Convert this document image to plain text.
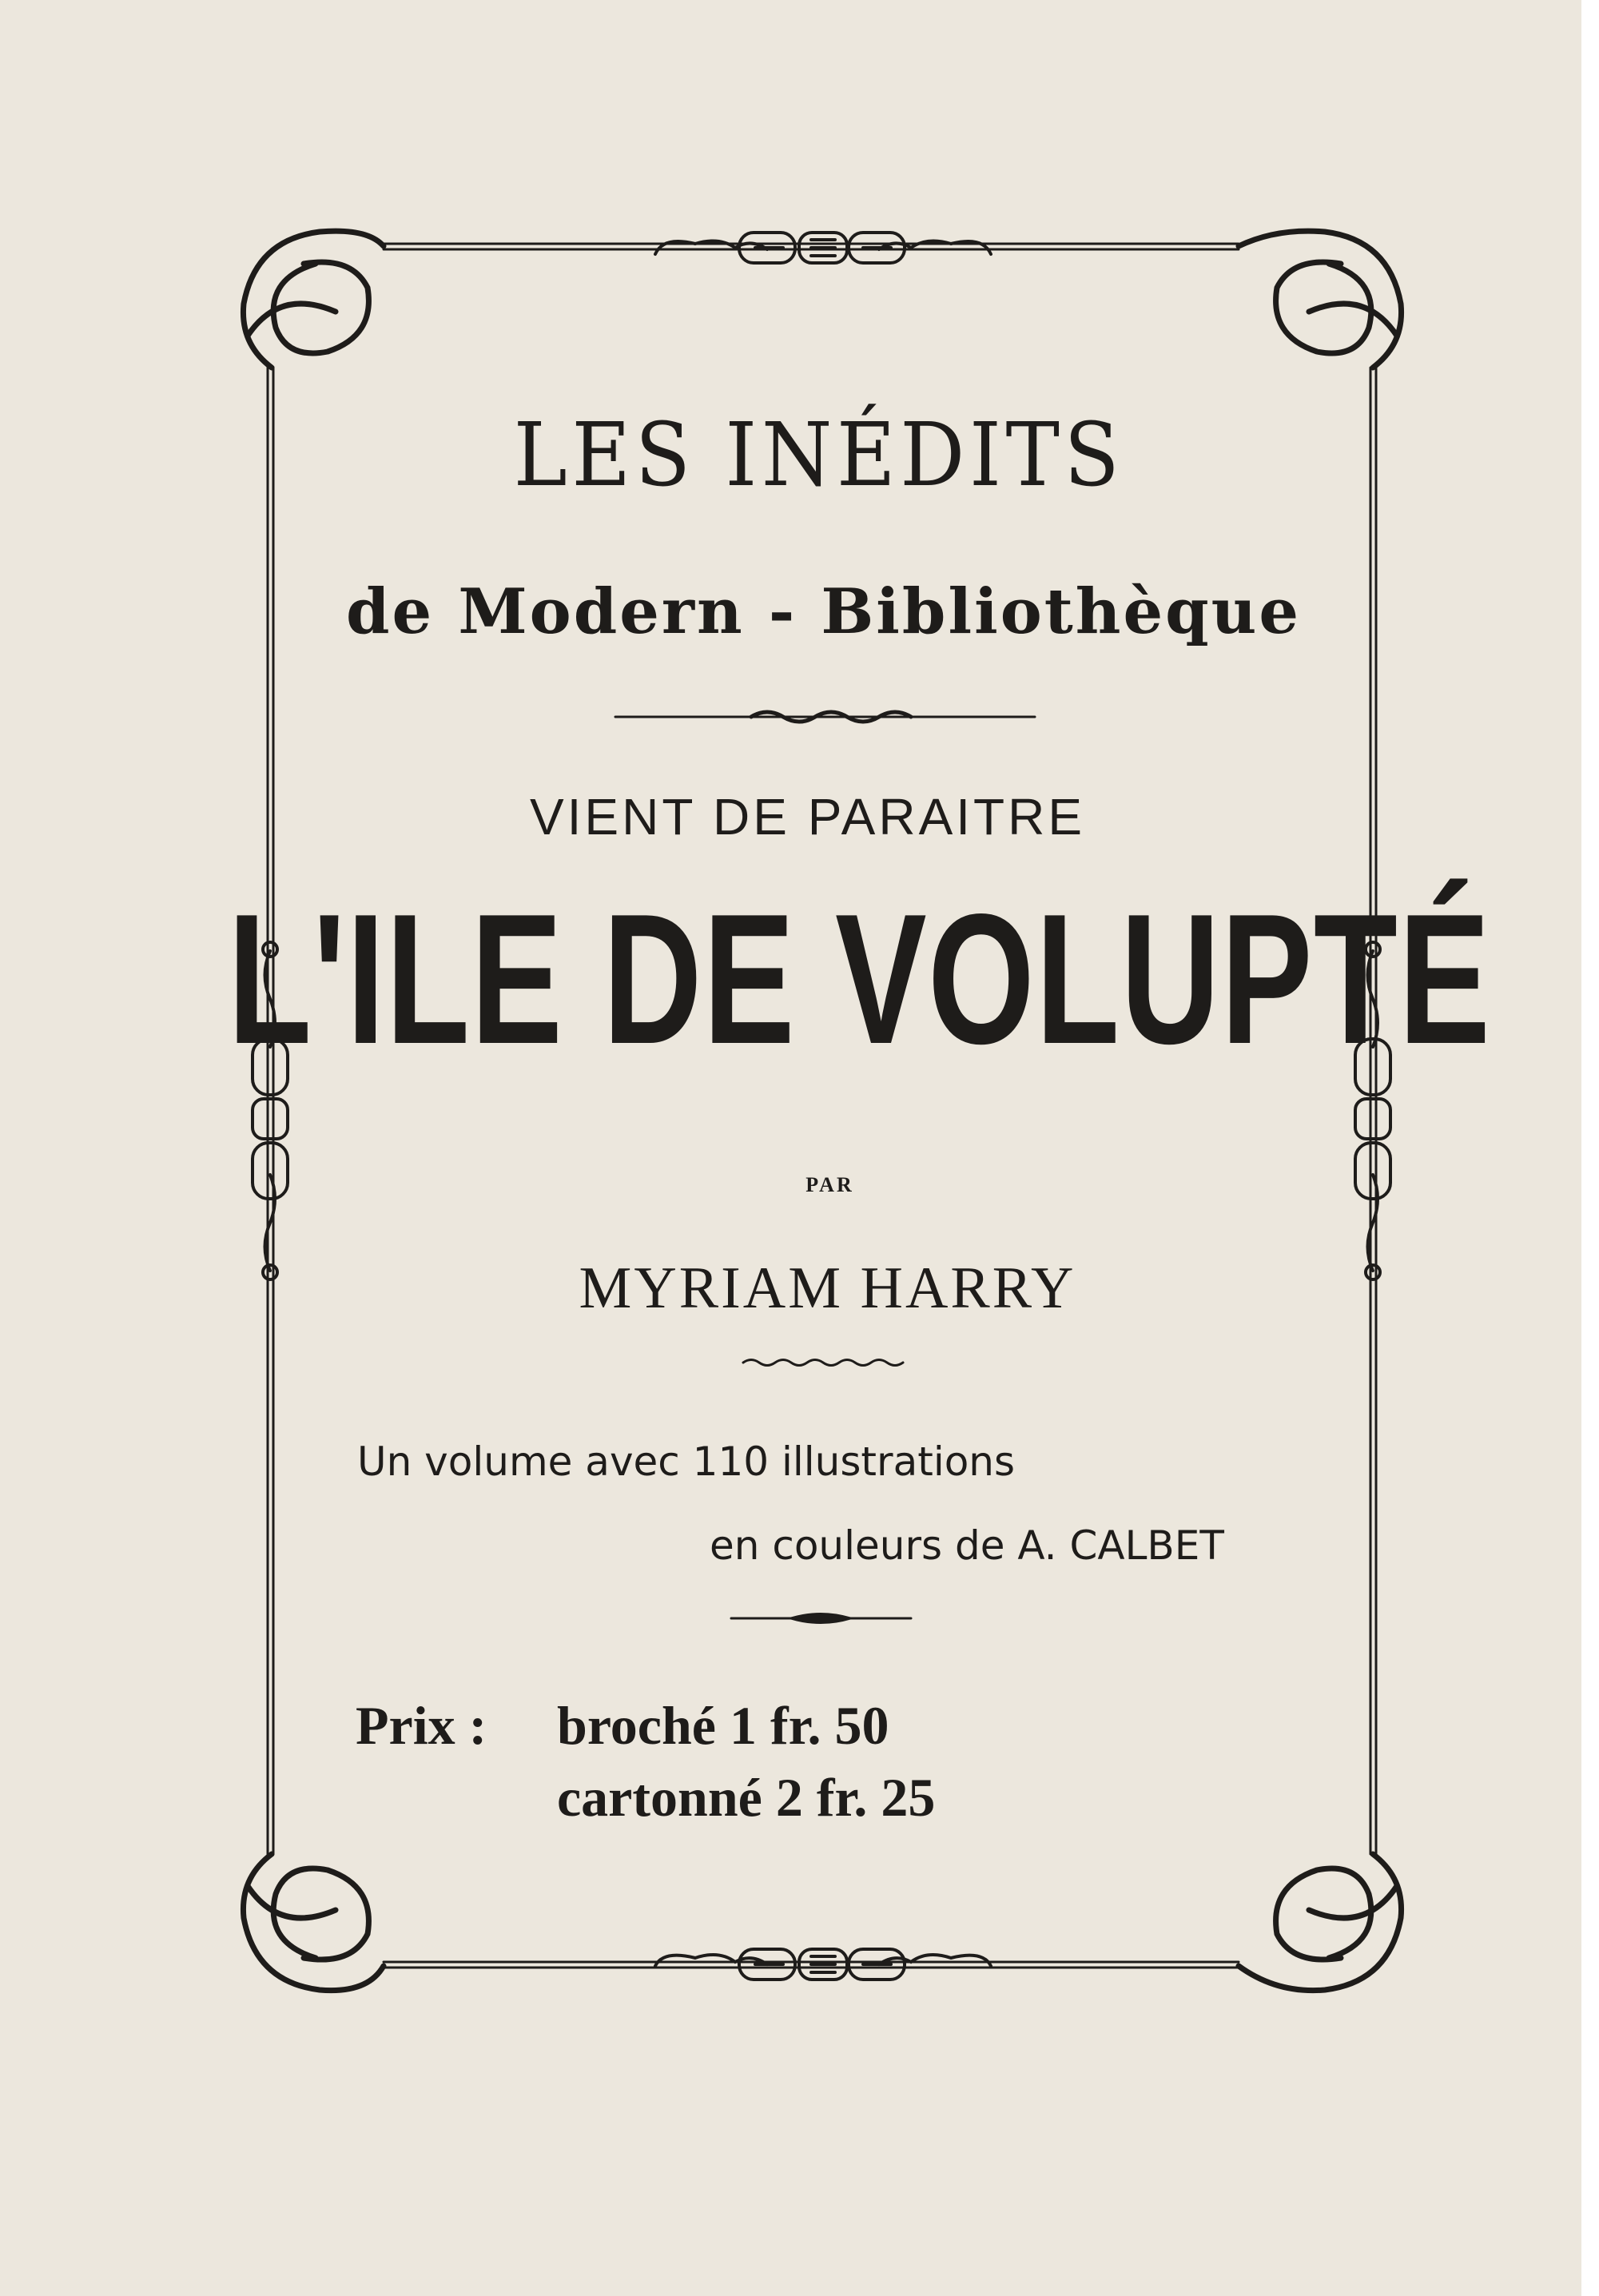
LES INÉDITS
de Modern - Bibliothèque
VIENT DE PARAITRE
L'ILE DE VOLUPTÉ
PAR
MYRIAM HARRY
Un volume avec 110 illustrations
en couleurs de A. CALBET
Prix : broché 1 fr. 50
cartonné 2 fr. 25
